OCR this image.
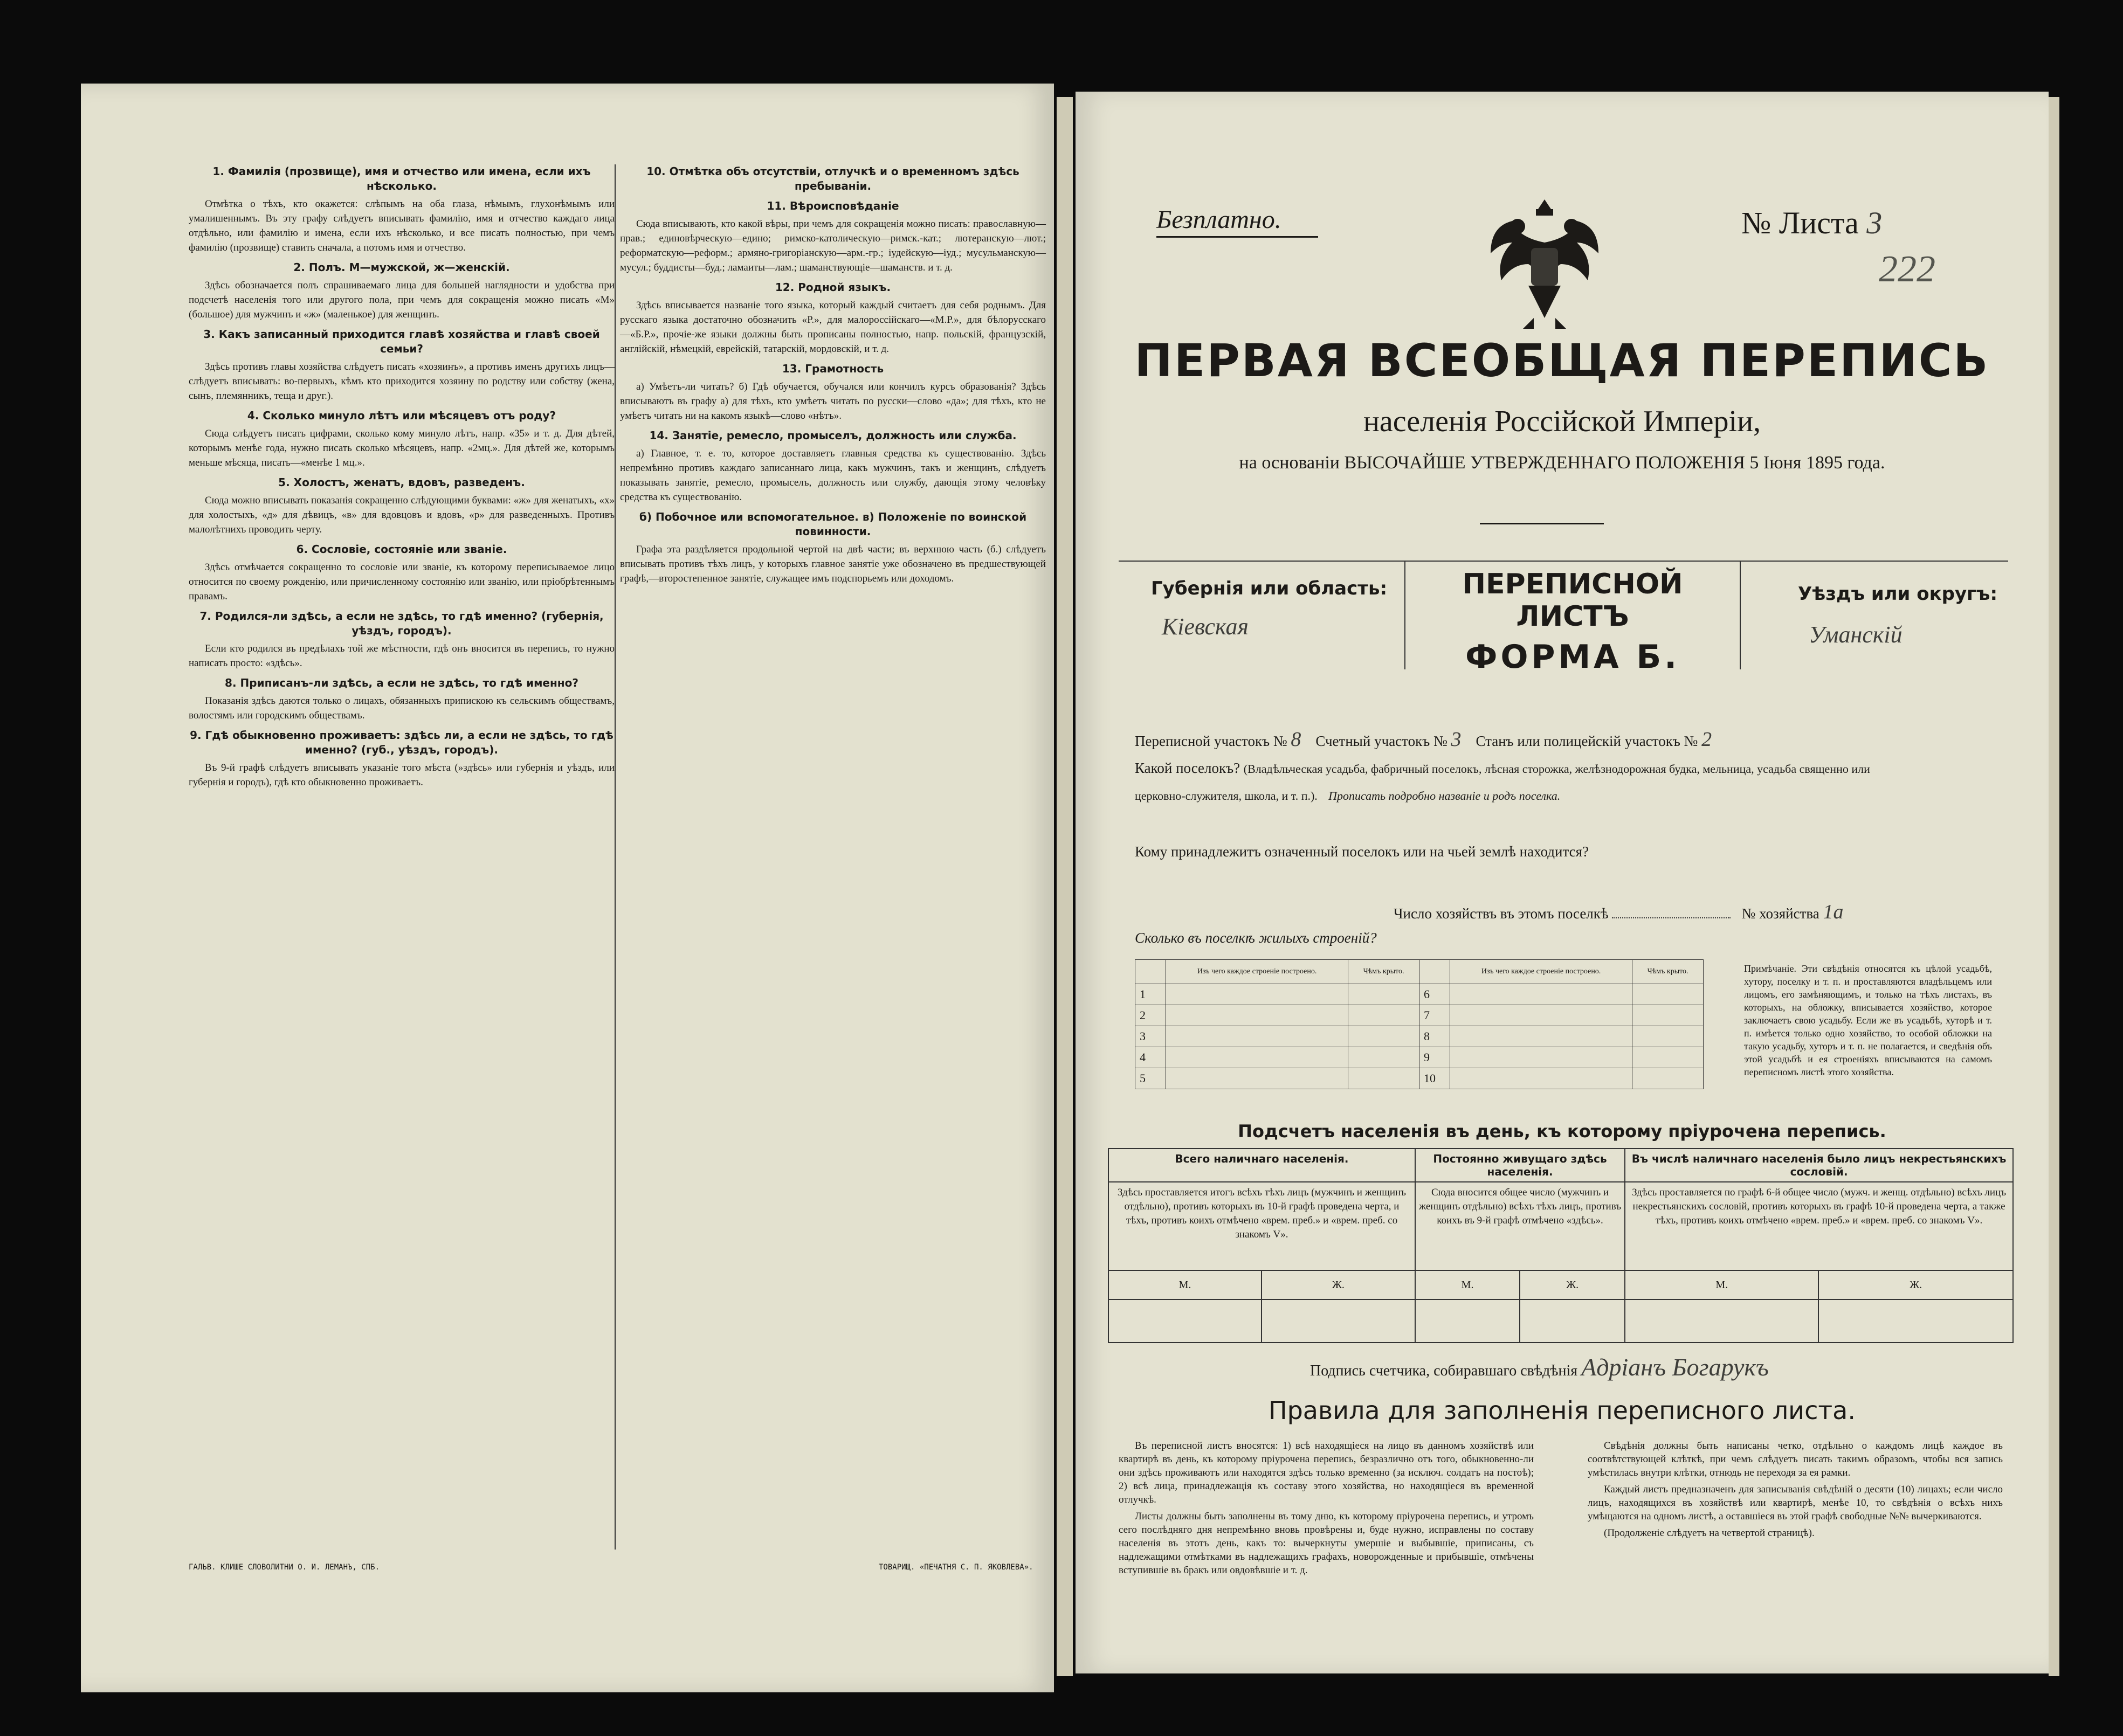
1. Фамилія (прозвище), имя и отчество или имена, если ихъ нѣсколько.
Отмѣтка о тѣхъ, кто окажется: слѣпымъ на оба глаза, нѣмымъ, глухонѣмымъ или умалишеннымъ. Въ эту графу слѣдуетъ вписывать фамилію, имя и отчество каждаго лица отдѣльно, или фамилію и имена, если ихъ нѣсколько, и все писать полностью, при чемъ фамилію (прозвище) ставить сначала, а потомъ имя и отчество.
2. Полъ. М—мужской, ж—женскій.
Здѣсь обозначается полъ спрашиваемаго лица для большей наглядности и удобства при подсчетѣ населенія того или другого пола, при чемъ для сокращенія можно писать «М» (большое) для мужчинъ и «ж» (маленькое) для женщинъ.
3. Какъ записанный приходится главѣ хозяйства и главѣ своей семьи?
Здѣсь противъ главы хозяйства слѣдуетъ писать «хозяинъ», а противъ именъ другихъ лицъ—слѣдуетъ вписывать: во-первыхъ, кѣмъ кто приходится хозяину по родству или собству (жена, сынъ, племянникъ, теща и друг.).
4. Сколько минуло лѣтъ или мѣсяцевъ отъ роду?
Сюда слѣдуетъ писать цифрами, сколько кому минуло лѣтъ, напр. «35» и т. д. Для дѣтей, которымъ менѣе года, нужно писать сколько мѣсяцевъ, напр. «2мц.». Для дѣтей же, которымъ меньше мѣсяца, писать—«менѣе 1 мц.».
5. Холостъ, женатъ, вдовъ, разведенъ.
Сюда можно вписывать показанія сокращенно слѣдующими буквами: «ж» для женатыхъ, «х» для холостыхъ, «д» для дѣвицъ, «в» для вдовцовъ и вдовъ, «р» для разведенныхъ. Противъ малолѣтнихъ проводить черту.
6. Сословіе, состояніе или званіе.
Здѣсь отмѣчается сокращенно то сословіе или званіе, къ которому переписываемое лицо относится по своему рожденію, или причисленному состоянію или званію, или пріобрѣтеннымъ правамъ.
7. Родился-ли здѣсь, а если не здѣсь, то гдѣ именно? (губернія, уѣздъ, городъ).
Если кто родился въ предѣлахъ той же мѣстности, гдѣ онъ вносится въ перепись, то нужно написать просто: «здѣсь».
8. Приписанъ-ли здѣсь, а если не здѣсь, то гдѣ именно?
Показанія здѣсь даются только о лицахъ, обязанныхъ припискою къ сельскимъ обществамъ, волостямъ или городскимъ обществамъ.
9. Гдѣ обыкновенно проживаетъ: здѣсь ли, а если не здѣсь, то гдѣ именно? (губ., уѣздъ, городъ).
Въ 9-й графѣ слѣдуетъ вписывать указаніе того мѣста (»здѣсь» или губернія и уѣздъ, или губернія и городъ), гдѣ кто обыкновенно проживаетъ.
10. Отмѣтка объ отсутствіи, отлучкѣ и о временномъ здѣсь пребываніи.
11. Вѣроисповѣданіе
Сюда вписывають, кто какой вѣры, при чемъ для сокращенія можно писать: православную—прав.; единовѣрческую—едино; римско-католическую—римск.-кат.; лютеранскую—лют.; реформатскую—реформ.; армяно-григоріанскую—арм.-гр.; іудейскую—іуд.; мусульманскую—мусул.; буддисты—буд.; ламаиты—лам.; шаманствующіе—шаманств. и т. д.
12. Родной языкъ.
Здѣсь вписывается названіе того языка, который каждый считаетъ для себя роднымъ. Для русскаго языка достаточно обозначить «Р.», для малороссійскаго—«М.Р.», для бѣлорусскаго—«Б.Р.», прочіе-же языки должны быть прописаны полностью, напр. польскій, французскій, англійскій, нѣмецкій, еврейскій, татарскій, мордовскій, и т. д.
13. Грамотность
а) Умѣетъ-ли читать? б) Гдѣ обучается, обучался или кончилъ курсъ образованія? Здѣсь вписываютъ въ графу а) для тѣхъ, кто умѣетъ читать по русски—слово «да»; для тѣхъ, кто не умѣетъ читать ни на какомъ языкѣ—слово «нѣтъ».
14. Занятіе, ремесло, промыселъ, должность или служба.
а) Главное, т. е. то, которое доставляетъ главныя средства къ существованію. Здѣсь непремѣнно противъ каждаго записаннаго лица, какъ мужчинъ, такъ и женщинъ, слѣдуетъ показывать занятіе, ремесло, промыселъ, должность или службу, дающія этому человѣку средства къ существованію.
б) Побочное или вспомогательное. в) Положеніе по воинской повинности.
Графа эта раздѣляется продольной чертой на двѣ части; въ верхнюю часть (б.) слѣдуетъ вписывать противъ тѣхъ лицъ, у которыхъ главное занятіе уже обозначено въ предшествующей графѣ,—второстепенное занятіе, служащее имъ подспорьемъ или доходомъ.
ГАЛЬВ. КЛИШЕ СЛОВОЛИТНИ О. И. ЛЕМАНЪ, СПБ.	ТОВАРИЩ. «ПЕЧАТНЯ С. П. ЯКОВЛЕВА».
Безплатно.	№ Листа 3
222
ПЕРВАЯ ВСЕОБЩАЯ ПЕРЕПИСЬ
населенія Россійской Имперіи,
на основаніи ВЫСОЧАЙШЕ УТВЕРЖДЕННАГО ПОЛОЖЕНІЯ 5 Іюня 1895 года.
Губернія или область:
Кіевская
ПЕРЕПИСНОЙ ЛИСТЪ
ФОРМА Б.
Уѣздъ или округъ:
Уманскій
Переписной участокъ № 8 Счетный участокъ № 3 Станъ или полицейскій участокъ № 2
Какой поселокъ? (Владѣльческая усадьба, фабричный поселокъ, лѣсная сторожка, желѣзнодорожная будка, мельница, усадьба священно или
церковно-служителя, школа, и т. п.). Прописать подробно названіе и родъ поселка.
Кому принадлежитъ означенный поселокъ или на чьей землѣ находится?
Число хозяйствъ въ этомъ поселкѣ	№ хозяйства 1а
Сколько въ поселкѣ жилыхъ строеній?
	Изъ чего каждое строеніе построено.	Чѣмъ крыто.		Изъ чего каждое строеніе построено.	Чѣмъ крыто.
1			6		
2			7		
3			8		
4			9		
5			10		
Примѣчаніе. Эти свѣдѣнія относятся къ цѣлой усадьбѣ, хутору, поселку и т. п. и проставляются владѣльцемъ или лицомъ, его замѣняющимъ, и только на тѣхъ листахъ, въ которыхъ, на обложку, вписывается хозяйство, которое заключаетъ свою усадьбу. Если же въ усадьбѣ, хуторѣ и т. п. имѣется только одно хозяйство, то особой обложки на такую усадьбу, хуторъ и т. п. не полагается, и сведѣнія объ этой усадьбѣ и ея строеніяхъ вписываются на самомъ переписномъ листѣ этого хозяйства.
Подсчетъ населенія въ день, къ которому пріурочена перепись.
Всего наличнаго населенія.		Постоянно живущаго здѣсь населенія.		Въ числѣ наличнаго населенія было лицъ некрестьянскихъ сословій.	
Здѣсь проставляется итогъ всѣхъ тѣхъ лицъ (мужчинъ и женщинъ отдѣльно), противъ которыхъ въ 10-й графѣ проведена черта, и тѣхъ, противъ коихъ отмѣчено «врем. преб.» и «врем. преб. со знакомъ V».		Сюда вносится общее число (мужчинъ и женщинъ отдѣльно) всѣхъ тѣхъ лицъ, противъ коихъ въ 9-й графѣ отмѣчено «здѣсь».		Здѣсь проставляется по графѣ 6-й общее число (мужч. и женщ. отдѣльно) всѣхъ лицъ некрестьянскихъ сословій, противъ которыхъ въ графѣ 10-й проведена черта, а также тѣхъ, противъ коихъ отмѣчено «врем. преб.» и «врем. преб. со знакомъ V».	
М.	Ж.	М.	Ж.	М.	Ж.

Подпись счетчика, собиравшаго свѣдѣнія Адріанъ Богарукъ
Правила для заполненія переписного листа.

Въ переписной листъ вносятся: 1) всѣ находящіеся на лицо въ данномъ хозяйствѣ или квартирѣ въ день, къ которому пріурочена перепись, безразлично отъ того, обыкновенно-ли они здѣсь проживаютъ или находятся здѣсь только временно (за исключ. солдатъ на постоѣ); 2) всѣ лица, принадлежащія къ составу этого хозяйства, но находящіеся въ временной отлучкѣ.

Листы должны быть заполнены въ тому дню, къ которому пріурочена перепись, и утромъ сего послѣдняго дня непремѣнно вновь провѣрены и, буде нужно, исправлены по составу населенія въ этотъ день, какъ то: вычеркнуты умершіе и выбывшіе, приписаны, съ надлежащими отмѣтками въ надлежащихъ графахъ, новорожденные и прибывшіе, отмѣчены вступившіе въ бракъ или овдовѣвшіе и т. д.

Свѣдѣнія должны быть написаны четко, отдѣльно о каждомъ лицѣ каждое въ соотвѣтствующей клѣткѣ, при чемъ слѣдуетъ писать такимъ образомъ, чтобы вся запись умѣстилась внутри клѣтки, отнюдь не переходя за ея рамки.

Каждый листъ предназначенъ для записыванія свѣдѣній о десяти (10) лицахъ; если число лицъ, находящихся въ хозяйствѣ или квартирѣ, менѣе 10, то свѣдѣнія о всѣхъ нихъ умѣщаются на одномъ листѣ, а оставшіеся въ этой графѣ свободные №№ вычеркиваются.

(Продолженіе слѣдуетъ на четвертой страницѣ).
